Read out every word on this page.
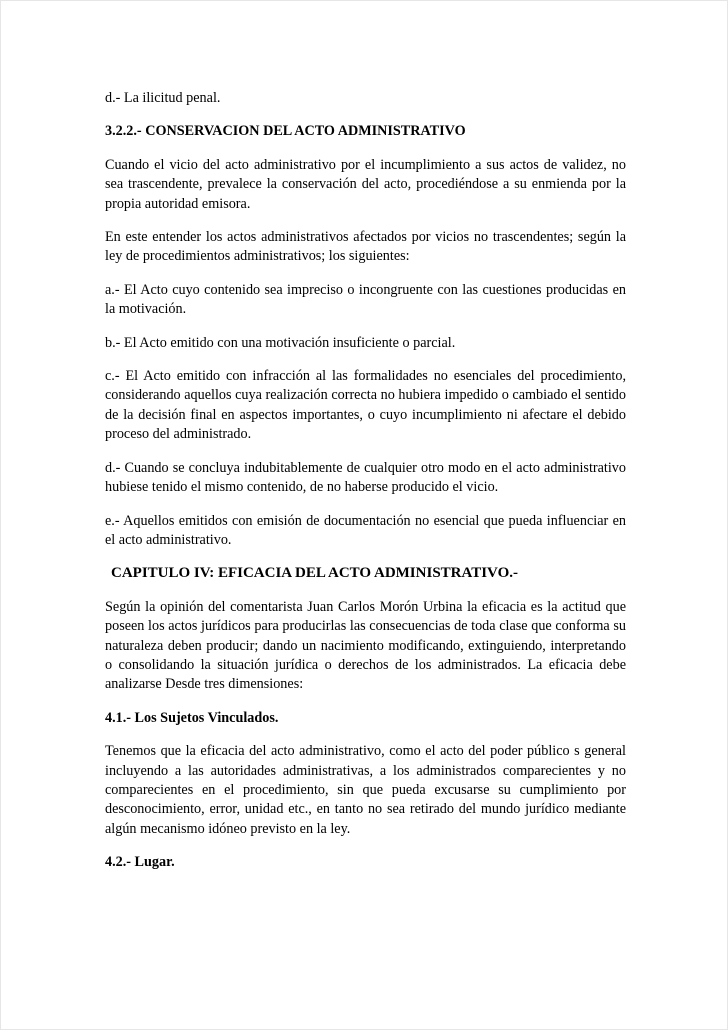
d.- La ilicitud penal.

3.2.2.- CONSERVACION DEL ACTO ADMINISTRATIVO

Cuando el vicio del acto administrativo por el incumplimiento a sus actos de validez, no sea trascendente, prevalece la conservación del acto, procediéndose a su enmienda por la propia autoridad emisora.

En este entender los actos administrativos afectados por vicios no trascendentes; según la ley de procedimientos administrativos; los siguientes:

a.- El Acto cuyo contenido sea impreciso o incongruente con las cuestiones producidas en la motivación.

b.- El Acto emitido con una motivación insuficiente o parcial.

c.- El Acto emitido con infracción al las formalidades no esenciales del procedimiento, considerando aquellos cuya realización correcta no hubiera impedido o cambiado el sentido de la decisión final en aspectos importantes, o cuyo incumplimiento ni afectare el debido proceso del administrado.

d.- Cuando se concluya indubitablemente de cualquier otro modo en el acto administrativo hubiese tenido el mismo contenido, de no haberse producido el vicio.

e.- Aquellos emitidos con emisión de documentación no esencial que pueda influenciar en el acto administrativo.

CAPITULO IV: EFICACIA DEL ACTO ADMINISTRATIVO.-

Según la opinión del comentarista Juan Carlos Morón Urbina la eficacia es la actitud que poseen los actos jurídicos para producirlas las consecuencias de toda clase que conforma su naturaleza deben producir; dando un nacimiento modificando, extinguiendo, interpretando o consolidando la situación jurídica o derechos de los administrados. La eficacia debe analizarse Desde tres dimensiones:

4.1.- Los Sujetos Vinculados.

Tenemos que la eficacia del acto administrativo, como el acto del poder público s general incluyendo a las autoridades administrativas, a los administrados comparecientes y no comparecientes en el procedimiento, sin que pueda excusarse su cumplimiento por desconocimiento, error, unidad etc., en tanto no sea retirado del mundo jurídico mediante algún mecanismo idóneo previsto en la ley.

4.2.- Lugar.
